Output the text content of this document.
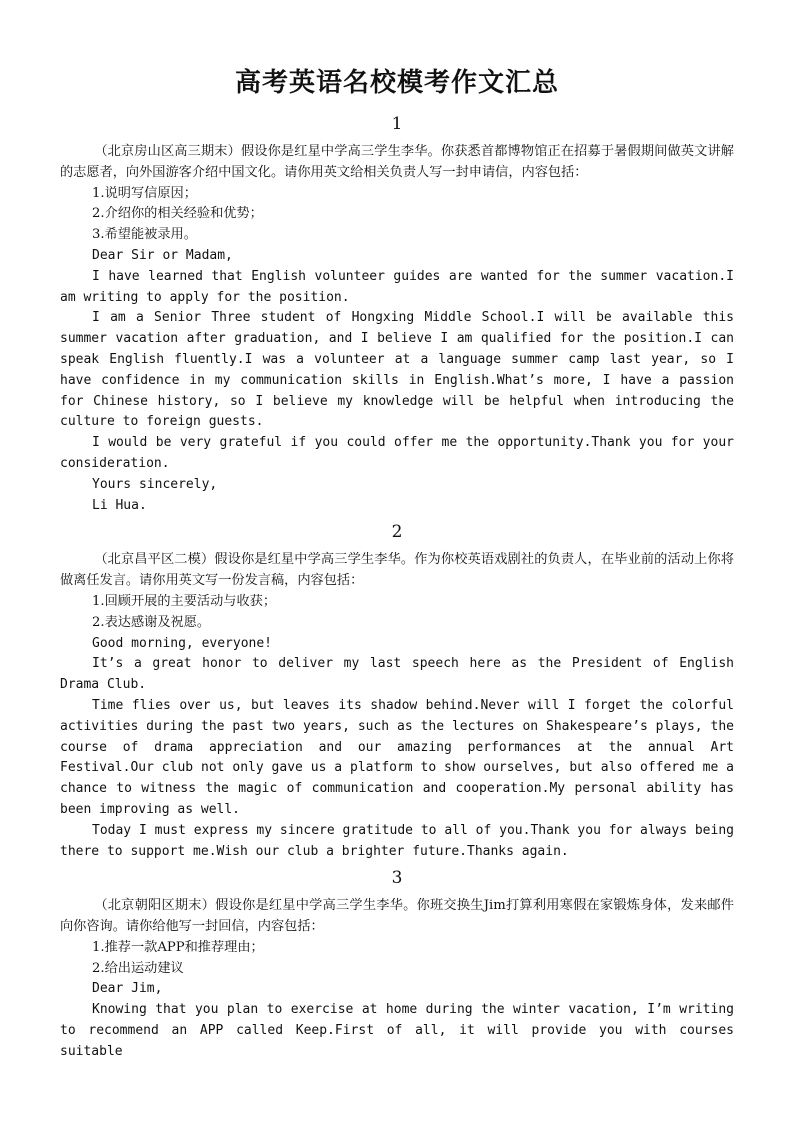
高考英语名校模考作文汇总
1

（北京房山区高三期末）假设你是红星中学高三学生李华。你获悉首都博物馆正在招募于暑假期间做英文讲解的志愿者，向外国游客介绍中国文化。请你用英文给相关负责人写一封申请信，内容包括：

1.说明写信原因；

2.介绍你的相关经验和优势；

3.希望能被录用。

Dear Sir or Madam,

I have learned that English volunteer guides are wanted for the summer vacation.I am writing to apply for the position.

I am a Senior Three student of Hongxing Middle School.I will be available this summer vacation after graduation, and I believe I am qualified for the position.I can speak English fluently.I was a volunteer at a language summer camp last year, so I have confidence in my communication skills in English.What’s more, I have a passion for Chinese history, so I believe my knowledge will be helpful when introducing the culture to foreign guests.

I would be very grateful if you could offer me the opportunity.Thank you for your consideration.

Yours sincerely,

Li Hua.

2

（北京昌平区二模）假设你是红星中学高三学生李华。作为你校英语戏剧社的负责人，在毕业前的活动上你将做离任发言。请你用英文写一份发言稿，内容包括：

1.回顾开展的主要活动与收获；

2.表达感谢及祝愿。

Good morning, everyone!

It’s a great honor to deliver my last speech here as the President of English Drama Club.

Time flies over us, but leaves its shadow behind.Never will I forget the colorful activities during the past two years, such as the lectures on Shakespeare’s plays, the course of drama appreciation and our amazing performances at the annual Art Festival.Our club not only gave us a platform to show ourselves, but also offered me a chance to witness the magic of communication and cooperation.My personal ability has been improving as well.

Today I must express my sincere gratitude to all of you.Thank you for always being there to support me.Wish our club a brighter future.Thanks again.

3

（北京朝阳区期末）假设你是红星中学高三学生李华。你班交换生Jim打算利用寒假在家锻炼身体，发来邮件向你咨询。请你给他写一封回信，内容包括：

1.推荐一款APP和推荐理由；

2.给出运动建议

Dear Jim,

Knowing that you plan to exercise at home during the winter vacation, I’m writing to recommend an APP called Keep.First of all, it will provide you with courses suitable
